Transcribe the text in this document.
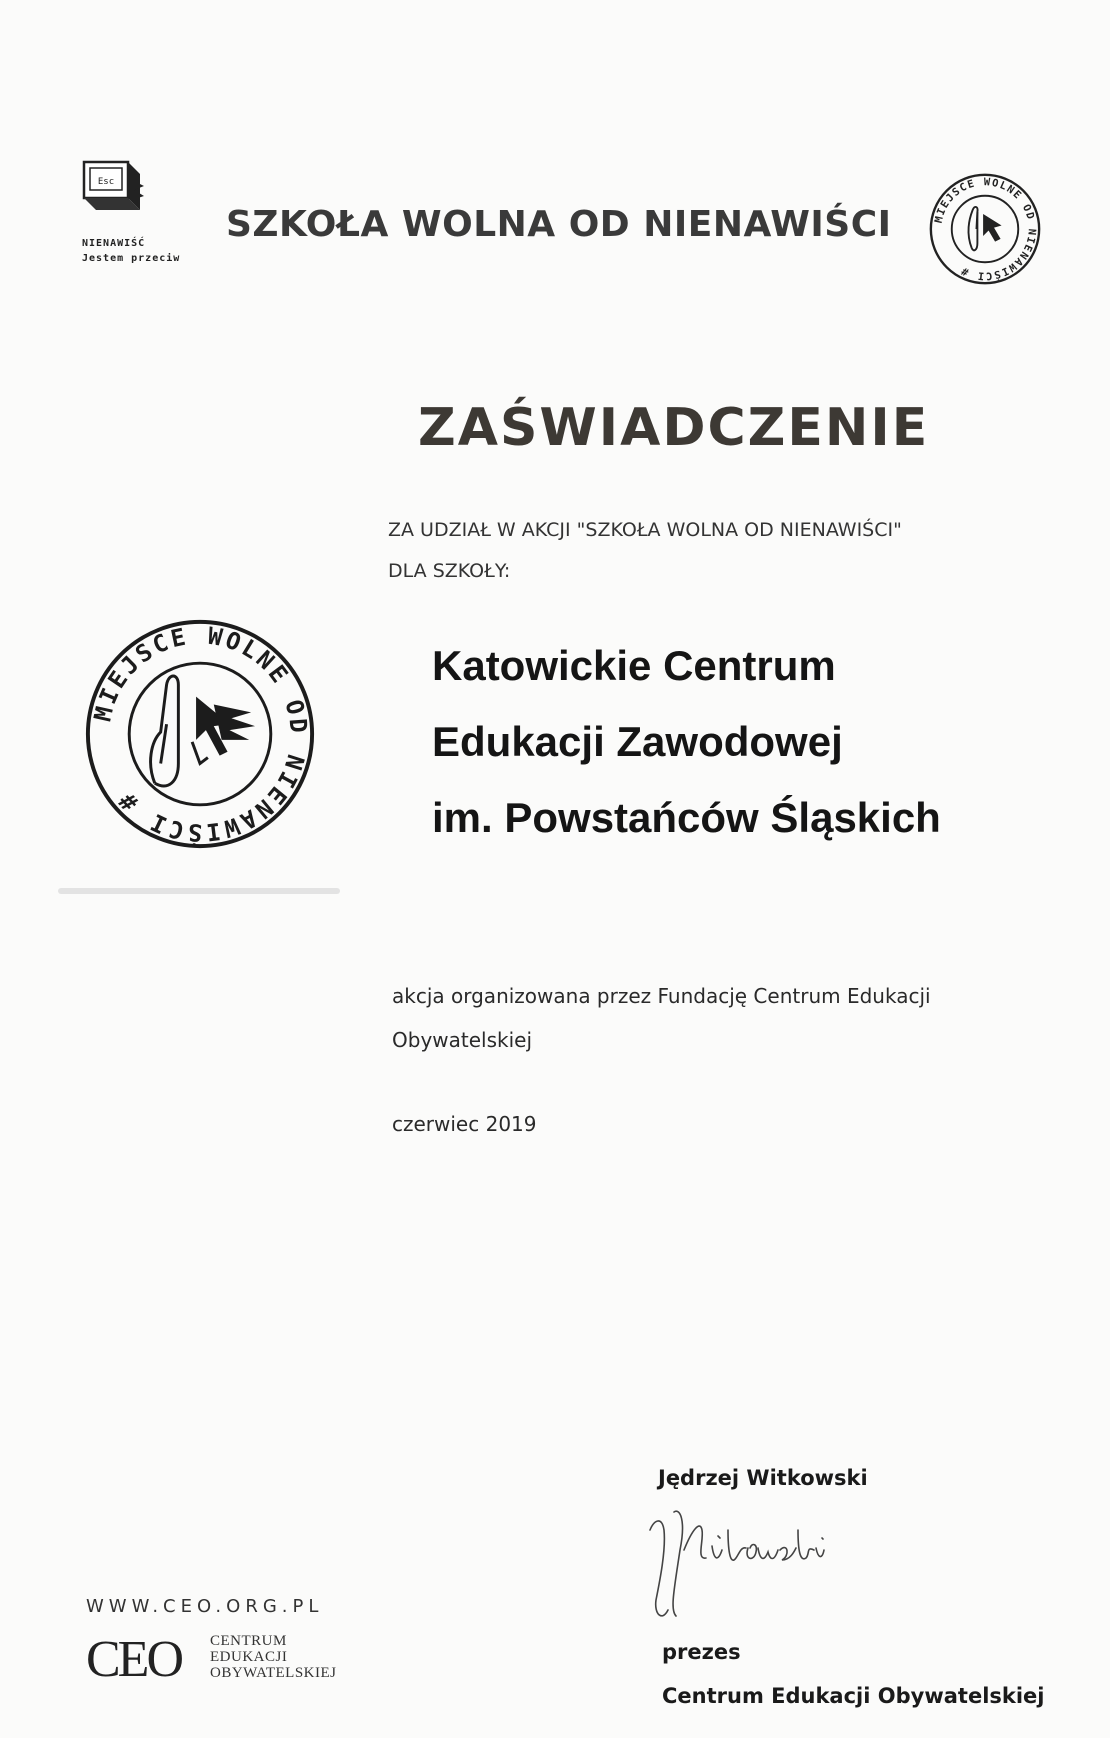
Esc
NIENAWIŚĆ
Jestem przeciw
SZKOŁA WOLNA OD NIENAWIŚCI MIEJSCE WOLNE OD NIENAWIŚCI #
ZAŚWIADCZENIE
ZA UDZIAŁ W AKCJI "SZKOŁA WOLNA OD NIENAWIŚCI"
DLA SZKOŁY:
MIEJSCE WOLNE OD NIENAWIŚCI #
Katowickie Centrum
Edukacji Zawodowej
im. Powstańców Śląskich
akcja organizowana przez Fundację Centrum Edukacji
Obywatelskiej
czerwiec 2019
Jędrzej Witkowski
prezes
Centrum Edukacji Obywatelskiej
WWW.CEO.ORG.PL
CEO CENTRUM
EDUKACJI
OBYWATELSKIEJ
